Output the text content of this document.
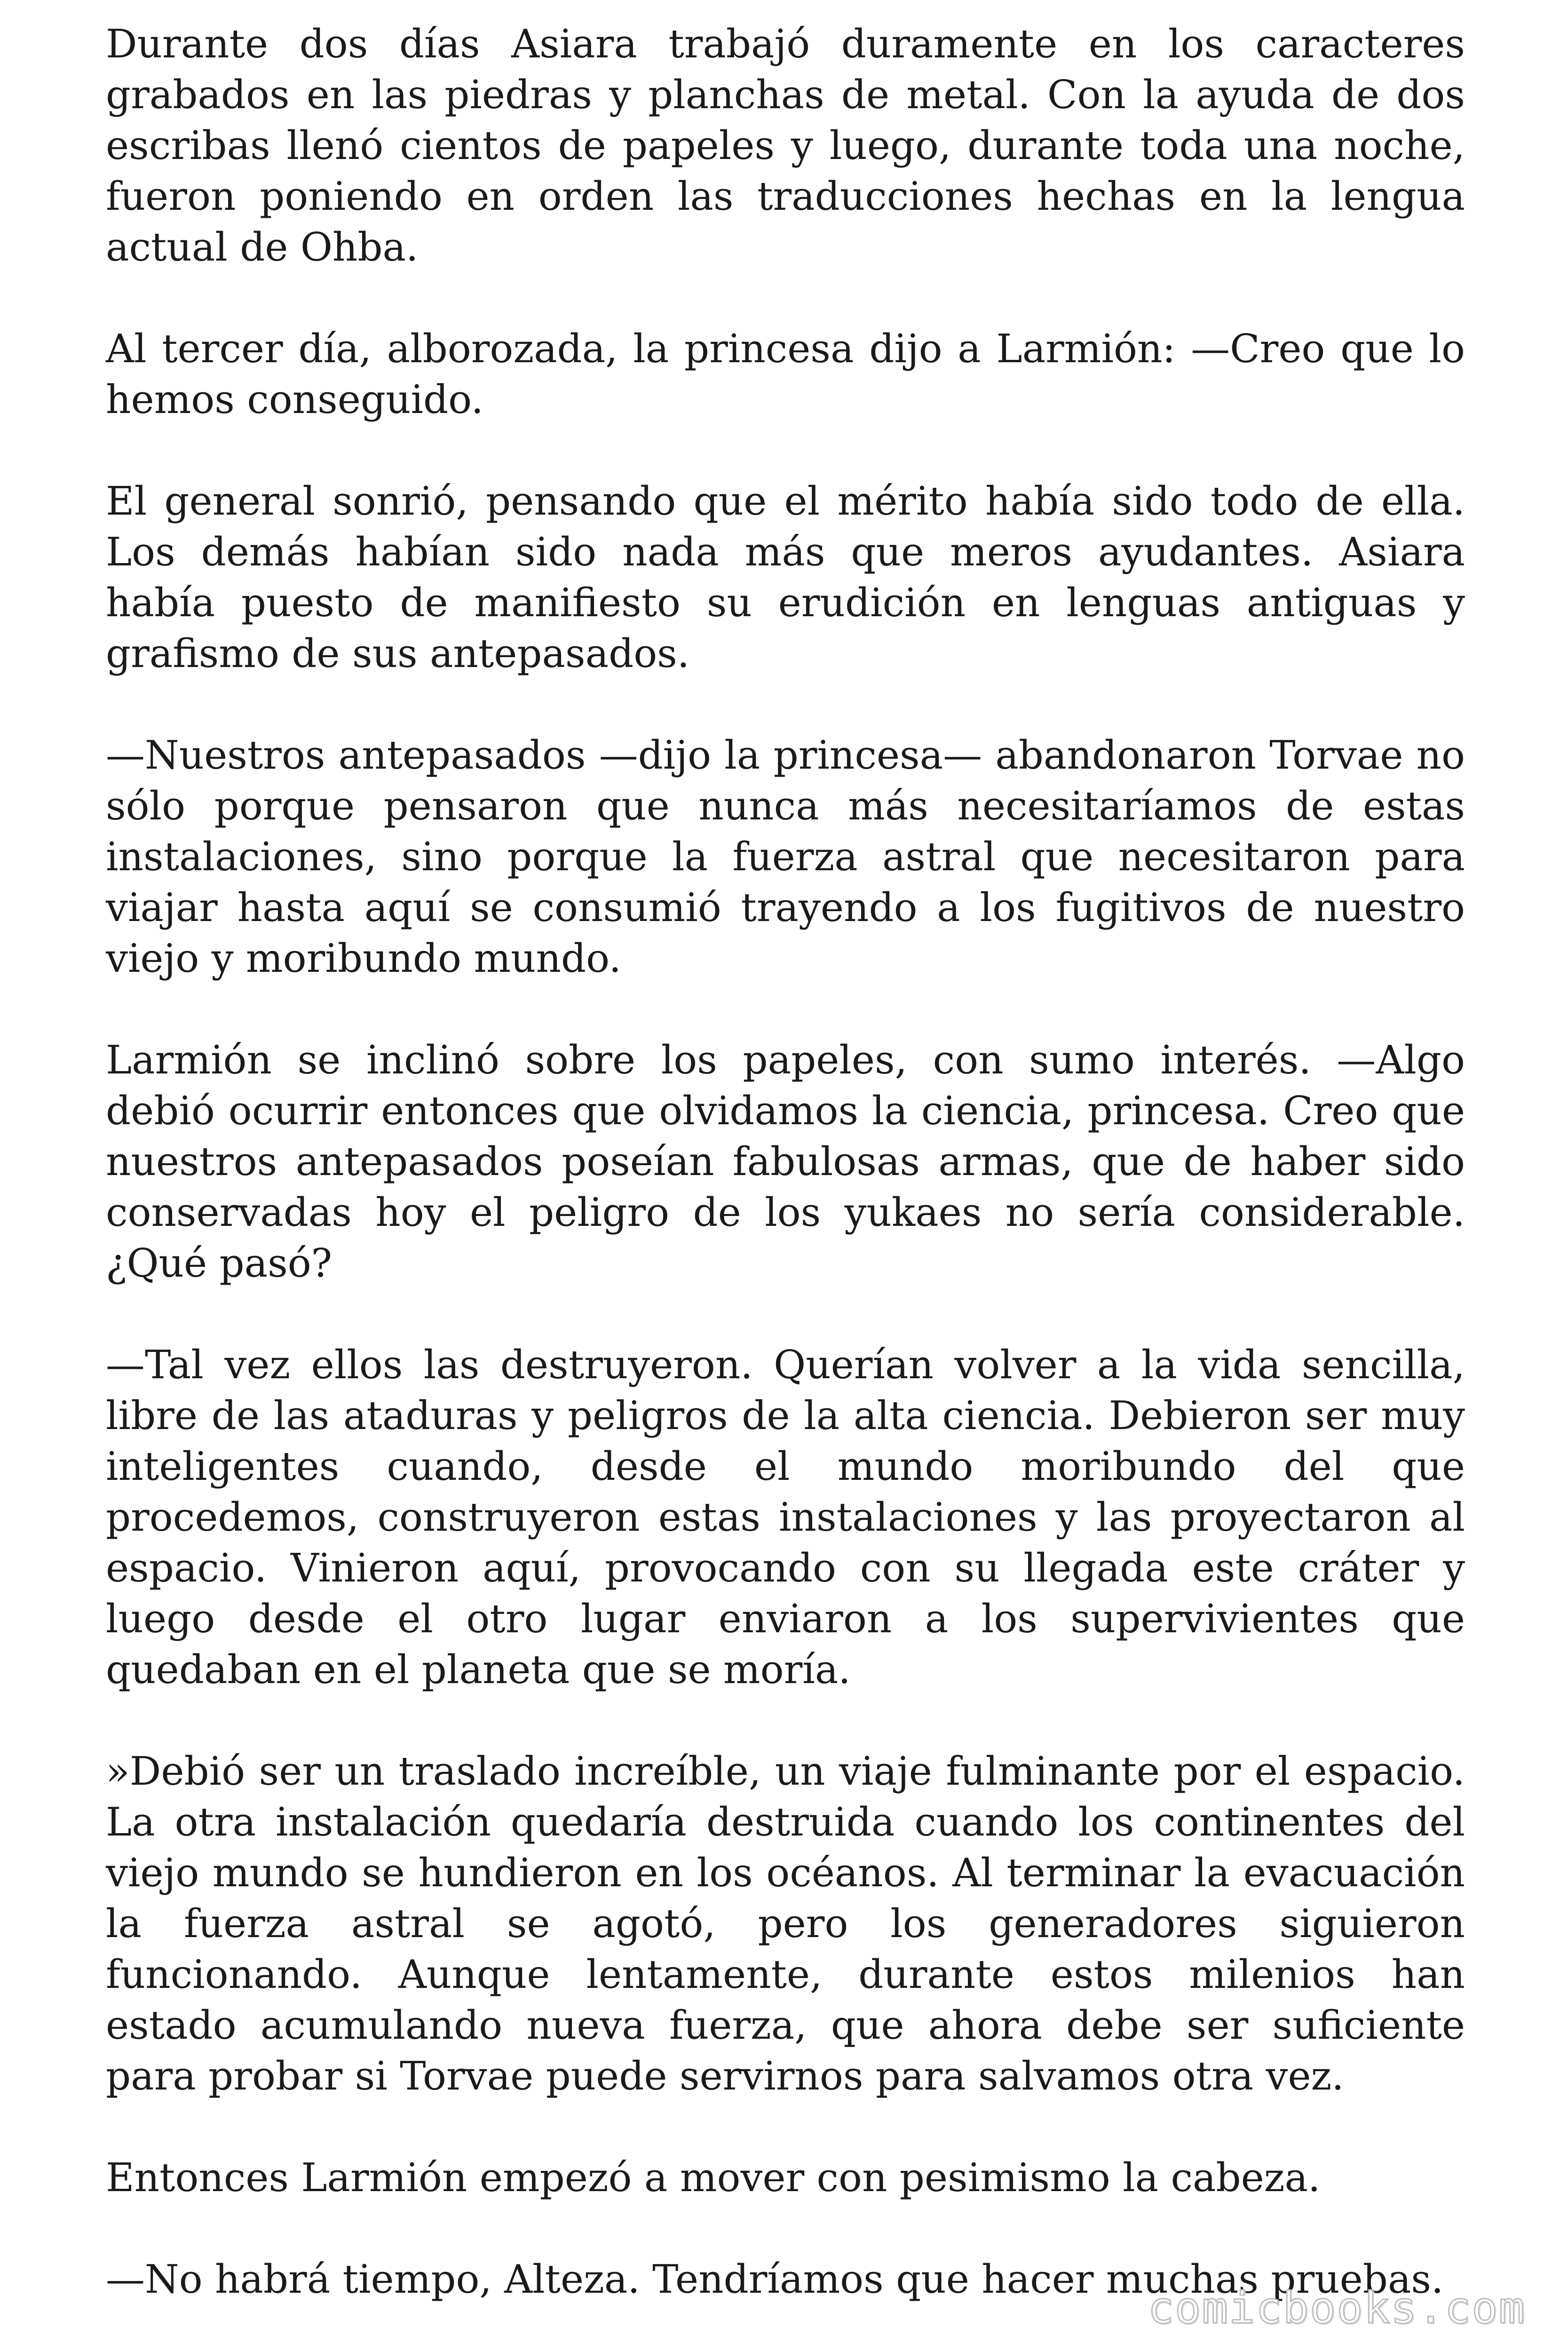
Durante dos días Asiara trabajó duramente en los caracteres grabados en las piedras y planchas de metal. Con la ayuda de dos escribas llenó cientos de papeles y luego, durante toda una noche, fueron poniendo en orden las traducciones hechas en la lengua actual de Ohba.

Al tercer día, alborozada, la princesa dijo a Larmión: —Creo que lo hemos conseguido.

El general sonrió, pensando que el mérito había sido todo de ella. Los demás habían sido nada más que meros ayudantes. Asiara había puesto de manifiesto su erudición en lenguas antiguas y grafismo de sus antepasados.

—Nuestros antepasados —dijo la princesa— abandonaron Torvae no sólo porque pensaron que nunca más necesitaríamos de estas instalaciones, sino porque la fuerza astral que necesitaron para viajar hasta aquí se consumió trayendo a los fugitivos de nuestro viejo y moribundo mundo.

Larmión se inclinó sobre los papeles, con sumo interés. —Algo debió ocurrir entonces que olvidamos la ciencia, princesa. Creo que nuestros antepasados poseían fabulosas armas, que de haber sido conservadas hoy el peligro de los yukaes no sería considerable. ¿Qué pasó?

—Tal vez ellos las destruyeron. Querían volver a la vida sencilla, libre de las ataduras y peligros de la alta ciencia. Debieron ser muy inteligentes cuando, desde el mundo moribundo del que procedemos, construyeron estas instalaciones y las proyectaron al espacio. Vinieron aquí, provocando con su llegada este cráter y luego desde el otro lugar enviaron a los supervivientes que quedaban en el planeta que se moría.

»Debió ser un traslado increíble, un viaje fulminante por el espacio. La otra instalación quedaría destruida cuando los continentes del viejo mundo se hundieron en los océanos. Al terminar la evacuación la fuerza astral se agotó, pero los generadores siguieron funcionando. Aunque lentamente, durante estos milenios han estado acumulando nueva fuerza, que ahora debe ser suficiente para probar si Torvae puede servirnos para salvamos otra vez.

Entonces Larmión empezó a mover con pesimismo la cabeza.

—No habrá tiempo, Alteza. Tendríamos que hacer muchas pruebas.

comicbooks.com
